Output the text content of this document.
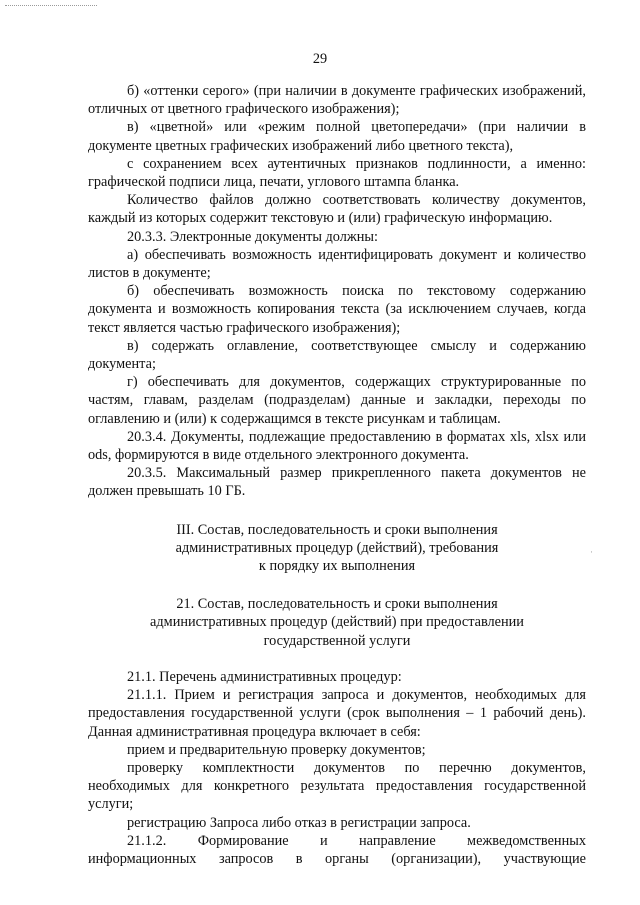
·
29

б) «оттенки серого» (при наличии в документе графических изображений, отличных от цветного графического изображения);

в) «цветной» или «режим полной цветопередачи» (при наличии в документе цветных графических изображений либо цветного текста),

с сохранением всех аутентичных признаков подлинности, а именно: графической подписи лица, печати, углового штампа бланка.

Количество файлов должно соответствовать количеству документов, каждый из которых содержит текстовую и (или) графическую информацию.

20.3.3. Электронные документы должны:

а) обеспечивать возможность идентифицировать документ и количество листов в документе;

б) обеспечивать возможность поиска по текстовому содержанию документа и возможность копирования текста (за исключением случаев, когда текст является частью графического изображения);

в) содержать оглавление, соответствующее смыслу и содержанию документа;

г) обеспечивать для документов, содержащих структурированные по частям, главам, разделам (подразделам) данные и закладки, переходы по оглавлению и (или) к содержащимся в тексте рисункам и таблицам.

20.3.4. Документы, подлежащие предоставлению в форматах xls, xlsx или ods, формируются в виде отдельного электронного документа.

20.3.5. Максимальный размер прикрепленного пакета документов не должен превышать 10 ГБ.

III. Состав, последовательность и сроки выполнения

административных процедур (действий), требования

к порядку их выполнения

21. Состав, последовательность и сроки выполнения

административных процедур (действий) при предоставлении

государственной услуги

21.1. Перечень административных процедур:

21.1.1. Прием и регистрация запроса и документов, необходимых для предоставления государственной услуги (срок выполнения – 1 рабочий день). Данная административная процедура включает в себя:

прием и предварительную проверку документов;

проверку комплектности документов по перечню документов, необходимых для конкретного результата предоставления государственной услуги;

регистрацию Запроса либо отказ в регистрации запроса.

21.1.2. Формирование и направление межведомственных информационных запросов в органы (организации), участвующие
